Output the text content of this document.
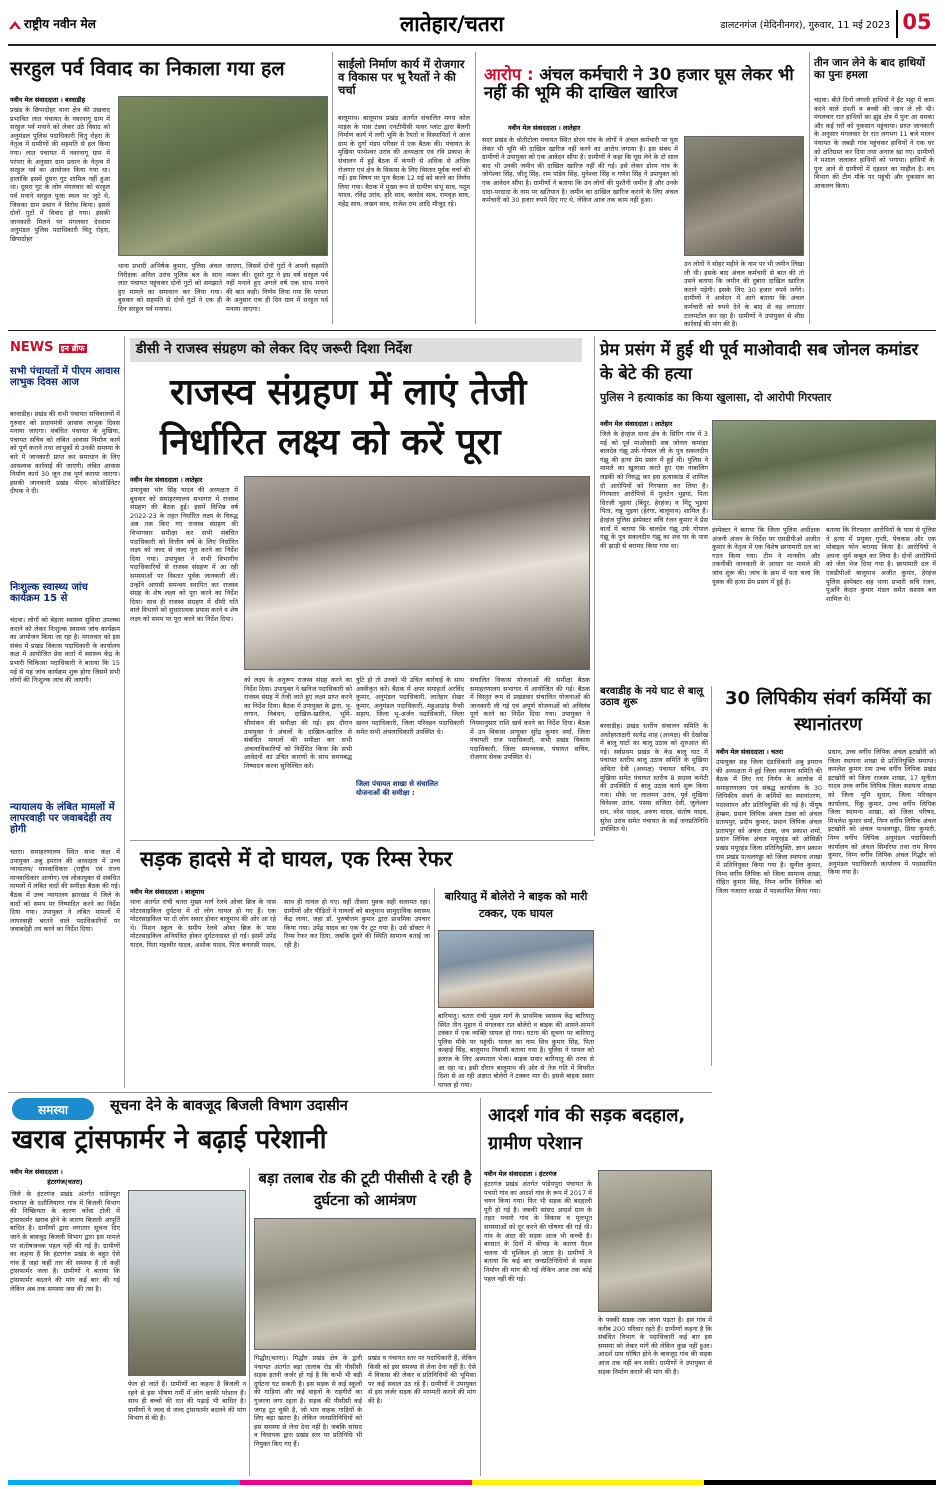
राष्ट्रीय नवीन मेल	लातेहार/चतरा	डालटनगंज (मेदिनीनगर), गुरुवार, 11 मई 2023 05
सरहुल पर्व विवाद का निकाला गया हल
नवीन मेल संवाददाता । बरवाडीह
प्रखंड के छिपादोहर थाना क्षेत्र की उखवाद प्रभावित लात पंचायत के नवरनागू ग्राम में सरहुल पर्व मनाने को लेकर उठे विवाद को अनुमंडल पुलिस पदाधिकारी चितु रोहरा के नेतृत्व में ग्रामीणों की सहमति से हल किया गया। लात पंचायत में नवरनागू ग्राम में परंपरा के अनुसार ग्राम प्रधान के नेतृत्व में सरहुल पर्व का आयोजन किया गया था। हालांकि इसमें दूसरा गुट शामिल नहीं हुआ था। दूसरा गुट के लोग मंगलवार को सरहुल पर्व मनाने सरहुल पूजा स्थल पर जुटे थे, जिसका ग्राम प्रधान ने विरोध किया। इससे दोनों गुटों में विवाद हो गया। इसकी जानकारी मिलने पर मंगलवार देरशाम अनुमंडल पुलिस पदाधिकारी चितु रोहरा, छिपादोहर
थाना प्रभारी अभिषेक कुमार, पुलिस अंचल निरीक्षक अनिल उरांव पुलिस बल के साथ लात पंचायत पहुंचकर दोनों गुटों को समझाते हुए मामले का समाधान कर लिया गया। बुधवार को सहमति से दोनों गुटों ने एक ही दिन सरहुल पर्व मनाया।
जाएगा, जिसमें दोनों गुटों ने अपनी सहमति व्यक्त की। दूसरे गुट ने इस वर्ष सरहुल पर्व नहीं मनाने हुए अगले वर्ष एक साथ मनाने की बात कही। निर्णय लिया गया कि परंपरा के अनुसार एक ही दिन ग्राम में सरहुल पर्व मनाया जाएगा।
साईंलो निर्माण कार्य में रोजगार व विकास पर भू रैयतों ने की चर्चा
बालूमाथ। बालूमाथ प्रखंड अंतर्गत संचालित मगध कोल माइंस के पास टंडवा एनटीपीसी पावर प्लांट द्वारा बैलगी निर्माण कार्य में लगी भूमि के रैयतों व विस्थापितों ने आज ग्राम के दुर्गा मंडप परिसर में एक बैठक की। पंचायत के मुखिया परमेश्वर उरांव की अध्यक्षता एवं रवि प्रकाश के संचालन में हुई बैठक में कंपनी से अधिक से अधिक रोजगार एवं क्षेत्र के विकास के लिए विस्तार पूर्वक चर्चा की गई। इस विषय पर पुनः बैठक 12 मई को करने का निर्णय लिया गया। बैठक में मुख्य रूप से ग्रामीण संभू साव, पदुम यादव, रविंद्र उरांव, हरि साव, बलदेव साव, रामवृक्ष साव, महेंद्र साव, लखन साव, राजेश राम आदि मौजूद रहे।
आरोप : अंचल कर्मचारी ने 30 हजार घूस लेकर भी नहीं की भूमि की दाखिल खारिज
नवीन मेल संवाददाता । लातेहार
सदर प्रखंड के धोतीटोला पंचायत स्थित डोरम गांव के लोगों ने अंचल कर्मचारी पर घूस लेकर भी भूमि की दाखिल खारिज नहीं करने का आरोप लगाया है। इस संबंध में ग्रामीणों ने उपायुक्त को एक आवेदन सौंपा है। ग्रामीणों ने कहा कि घूस लेने के दो साल बाद भी उनकी जमीन की दाखिल खारिज नहीं की गई। इसे लेकर डोरम गांव के जोगेश्वर सिंह, जीतू सिंह, राम पांडेय सिंह, मुनेश्वर सिंह व गणेश सिंह ने उपायुक्त को एक आवेदन सौंपा है। ग्रामीणों ने बताया कि उन लोगों की पुश्तैनी जमीन है और उनके दादा-परदादा के नाम पर खतियान है। जमीन का दाखिल खारिज कराने के लिए अंचल कर्मचारी को 30 हजार रुपये दिए गए थे, लेकिन आज तक काम नहीं हुआ।
उन लोगों ने सोहर महीने के नाम पर भी जमीन लिखा ली थी। इसके बाद अंचल कर्मचारी से बात की तो उसने बताया कि जमीन की दुबारा दाखिल खारिज कराने पड़ेगी। इसके लिए 30 हजार रुपये लगेंगे। ग्रामीणों ने आवेदन में आगे बताया कि अंचल कर्मचारी को रुपये देने के बाद से वह लगातार टालमटोल कर रहा है। ग्रामीणों ने उपायुक्त से शीघ्र कार्रवाई की मांग की है।
तीन जान लेने के बाद हाथियों का पुनः हमला
चंदवा। बीते दिनों जंगली हाथियों ने ईंट भट्ठा में काम करने वाले दंपती व बच्ची की जान ले ली थी। मंगलवार रात हाथियों का झुंड क्षेत्र में पुनः आ धमका और कई घरों को नुकसान पहुंचाया। प्राप्त जानकारी के अनुसार मंगलवार देर रात लगभग 11 बजे मालन पंचायत के जबड़ी गांव पहुंचकर हाथियों ने एक घर को क्षतिग्रस्त कर दिया तथा अनाज खा गए। ग्रामीणों ने मशाल जलाकर हाथियों को भगाया। हाथियों के पुनः आने से ग्रामीणों में दहशत का माहौल है। वन विभाग की टीम मौके पर पहुंची और नुकसान का आकलन किया।
NEWS इन ब्रीफ
सभी पंचायतों में पीएम आवास लाभुक दिवस आज
बरवाडीह। प्रखंड की सभी पंचायत सचिवालयों में गुरुवार को प्रधानमंत्री आवास लाभुक दिवस मनाया जाएगा। संबंधित पंचायत के मुखिया, पंचायत सचिव को लंबित आवास निर्माण कार्य को पूर्ण कराने तथा लाभुकों से उनकी समस्या के बारे में जानकारी प्राप्त कर समाधान के लिए आवश्यक कार्रवाई की जाएगी। लंबित आवास निर्माण कार्य 30 जून तक पूर्ण कराया जाएगा। इसकी जानकारी प्रखंड पीएम कोऑर्डिनेटर दीपक ने दी।
निःशुल्क स्वास्थ्य जांच कार्यक्रम 15 से
चंदवा। लोगों को बेहतर स्वास्थ्य सुविधा उपलब्ध कराने को लेकर निःशुल्क स्वास्थ्य जांच कार्यक्रम का आयोजन किया जा रहा है। मंगलवार को इस संबंध में प्रखंड विकास पदाधिकारी के कार्यालय कक्ष में आयोजित प्रेस वार्ता में स्वास्थ्य केंद्र के प्रभारी चिकित्सा पदाधिकारी ने बताया कि 15 मई से यह जांच कार्यक्रम शुरू होगा जिसमें सभी लोगों की निःशुल्क जांच की जाएगी।
न्यायालय के लंबित मामलों में लापरवाही पर जवाबदेही तय होगी
चतरा। समाहरणालय स्थित सभा कक्ष में उपायुक्त अबु इमरान की अध्यक्षता में उच्च न्यायालय/ मानवाधिकार (राष्ट्रीय एवं राज्य मानवाधिकार आयोग) एवं लोकायुक्त से संबंधित मामलों में लंबित वादों की समीक्षा बैठक की गई। बैठक में उच्च न्यायालय झारखंड में जिले के वादों को समय पर निष्पादित करने का निर्देश दिया गया। उपायुक्त ने लंबित मामलों में लापरवाही बरतने वाले पदाधिकारियों पर जवाबदेही तय करने का निर्देश दिया।
डीसी ने राजस्व संग्रहण को लेकर दिए जरूरी दिशा निर्देश
राजस्व संग्रहण में लाएं तेजी
निर्धारित लक्ष्य को करें पूरा
नवीन मेल संवाददाता । लातेहार
उपायुक्त भोर सिंह यादव की अध्यक्षता में बुधवार को समाहरणालय सभागार में राजस्व संग्रहण की बैठक हुई। इसमें विभिन्न वर्ष 2022-23 के तहत निर्धारित लक्ष्य के विरुद्ध अब तक किए गए राजस्व संग्रहण की विभागवार समीक्षा कर सभी संबंधित पदाधिकारी को वित्तीय वर्ष के लिए निर्धारित लक्ष्य को जल्द से जल्द पूरा करने का निर्देश दिया गया। उपायुक्त ने सभी विभागीय पदाधिकारियों से राजस्व संग्रहण में आ रही समस्याओं पर विस्तार पूर्वक जानकारी ली। उन्होंने आपसी समन्वय स्थापित कर राजस्व संग्रह के शेष लक्ष्य को पूरा करने का निर्देश दिया। साथ ही राजस्व संग्रहण में धीमी गति वाले विभागों को सुधारात्मक प्रयास करने व शेष लक्ष्य को समय पर पूरा करने का निर्देश दिया।
को लक्ष्य के अनुरूप राजस्व संग्रह करने का निर्देश दिया। उपायुक्त ने खनिज पदाधिकारी को राजस्व संग्रह में तेजी लाते हुए लक्ष्य प्राप्त करने का निर्देश दिया। बैठक में उपायुक्त के द्वारा, भू-लगान, निबंधन, दाखिल-खारिज, भूमि-सीमांकन की समीक्षा की गई। इस दौरान उपायुक्त ने अंचलों के दाखिल-खारिज से संबंधित मामलों की समीक्षा कर सभी अंचलाधिकारियों को निर्देशित किया कि सभी आवेदनों का उचित कारणों के साथ समयबद्ध निष्पादन करना सुनिश्चित करें।
त्रुटि हो तो उनको भी उचित कार्रवाई के साथ अस्वीकृत करें। बैठक में अपर समाहर्ता अरविंद कुमार, अनुमंडल पदाधिकारी, लातेहार शेखर कुमार, अनुमंडल पदाधिकारी, महुआडांड़ नैन्सी सहाय, जिला भू-अर्जन पदाधिकारी, जिला खनन पदाधिकारी, जिला परिवहन पदाधिकारी समेत सभी अंचलाधिकारी उपस्थित थे।
जिला पंचायत शाखा से संचालित योजनाओं की समीक्षा :
संचालित विकास योजनाओं की समीक्षा बैठक समाहरणालय सभागार में आयोजित की गई। बैठक में विस्तृत रूप से प्रखंडवार संचालित योजनाओं की जानकारी ली गई एवं अपूर्ण योजनाओं को अविलंब पूर्ण करने का निर्देश दिया गया। उपायुक्त ने नियमानुसार राशि खर्च करने का निर्देश दिया। बैठक में उप विकास आयुक्त सुरेंद्र कुमार वर्मा, जिला पंचायती राज पदाधिकारी, सभी प्रखंड विकास पदाधिकारी, जिला समन्वयक, पंचायत सचिव, रोजगार सेवक उपस्थित थे।
प्रेम प्रसंग में हुई थी पूर्व माओवादी सब जोनल कमांडर के बेटे की हत्या
पुलिस ने हत्याकांड का किया खुलासा, दो आरोपी गिरफ्तार
नवीन मेल संवाददाता । लातेहार
जिले के हेरहंज थाना क्षेत्र के सिरिंग गांव में 3 मई को पूर्व माओवादी सब जोनल कमांडर बालदेव गंझू उर्फ गोपाल जी के पुत्र सकलदीप गंझू की हत्या प्रेम प्रसंग में हुई थी। पुलिस ने मामले का खुलासा करते हुए एक नाबालिग लड़की को निरुद्ध कर इस हत्याकांड में शामिल दो आरोपियों को गिरफ्तार कर लिया है। गिरफ्तार आरोपियों में पुलटेन भुइयां, पिता धिरजी भुइयां (बिंदुर, हेरहंज) व मिंटू भुइयां पिता, गन्नू भुइयां (हेरंगा, बालूमाथ) शामिल हैं। हेरहंज पुलिस इंस्पेक्टर सचि रंजन कुमार ने प्रेस वार्ता में बताया कि बालदेव गंझू उर्फ गोपाल गंझू के पुत्र सकलदीप गंझू का शव घर के पास की झाड़ी से बरामद किया गया था।
इंस्पेक्टर ने बताया कि जिला पुलिस अधीक्षक अंजनी अंजन के निर्देश पर एसडीपीओ अजीत कुमार के नेतृत्व में एक विशेष छापामारी दल का गठन किया गया। टीम ने मानवीय और तकनीकी जानकारी के आधार पर मामले की जांच शुरू की। जांच के क्रम में पता चला कि युवक की हत्या प्रेम प्रसंग में हुई है।
बताया कि गिरफ्तार आरोपियों के पास से पुलिस ने हत्या में प्रयुक्त गुप्ती, पेचकस और एक मोबाइल फोन बरामद किया है। आरोपियों ने अपना जुर्म कबूल कर लिया है। दोनों आरोपियों को जेल भेज दिया गया है। छापामारी दल में एसडीपीओ बालूमाथ अजीत कुमार, हेरहंज पुलिस इंस्पेक्टर सह थाना प्रभारी सचि रंजन, पुअनि केदार कुमार मंडल समेत सशस्त्र बल शामिल थे।
बरवाडीह के नये घाट से बालू उठाव शुरू
बरवाडीह। प्रखंड स्तरीय संचालन समिति के अधोहस्ताक्षरी सत्येंद्र शाह (अध्यक्ष) की देखरेख में बालू घाटों का बालू उठाव को शुरुआत की गई। सर्वप्रथम प्रखंड के केड बालू घाट में पंचायत स्तरीय बालू उठाव समिति के मुखिया अविता देवी (अध्यक्ष) पंचायत सचिव, उप मुखिया समेत पंचायत स्तरीय 8 सदस्य कमेटी की उपस्थिति में बालू उठाव कार्य शुरू किया गया। मौके पर लालमन उरांव, पूर्व मुखिया विनेश्वर उरांव, पंसस संजिता देवी, जुलेश्वर राम, नरेश यादव, अरुण यादव, संतोष यादव, सुरेश उरांव समेत पंचायत के कई जनप्रतिनिधि उपस्थित थे।
30 लिपिकीय संवर्ग कर्मियों का स्थानांतरण
नवीन मेल संवाददाता । चतरा
उपायुक्त सह जिला दंडाधिकारी अबु इमरान की अध्यक्षता में हुई जिला स्थापना समिति की बैठक में लिए गए निर्णय के आलोक में समाहरणालय एवं संबद्ध कार्यालय के 30 लिपिकीय संवर्ग के कर्मियों का स्थानांतरण, पदस्थापन और प्रतिनियुक्ति की गई है। पीयूष हेम्ब्रम, प्रधान लिपिक अंचल टंडवा को अंचल प्रतापपुर, प्रदीप कुमार, प्रधान लिपिक अंचल प्रतापपुर को अंचल टंडवा, जय प्रकाश शर्मा, प्रधान लिपिक अंचल मयूरहंड को ओसिक्री प्रखंड मयूरहंड जिला प्रतिनियुक्ति, ज्ञान प्रकाश राय प्रखंड पत्थलगड्डा को जिला स्थापना शाखा में प्रतिनियुक्त किया गया है। सुनील कुमार, निम्न वर्गीय लिपिक को जिला सामान्य शाखा, रोहित कुमार सिंह, निम्न वर्गीय लिपिक को जिला नजारत शाखा में पदस्थापित किया गया।
प्रधान, उच्च वर्गीय लिपिक अंचल इटखोरी को जिला स्थापना शाखा से प्रतिनियुक्ति समाप्त। कमलेश कुमार राम उच्च वर्गीय लिपिक प्रखंड इटखोरी को जिला राजस्व शाखा, 17 सुनीता यादव उच्च वर्गीय लिपिक जिला स्थापना शाखा को जिला भूमि सुधार, जिला परिवहन कार्यालय, रिंकू कुमार, उच्च वर्गीय लिपिक जिला स्थापना शाखा, को जिला परिषद, मिथलेश कुमार वर्मा, निम्न वर्गीय लिपिक अंचल इटखोरी को अंचल पत्थलगड्डा, प्रिया कुमारी, निम्न वर्गीय लिपिक अनुमंडल पदाधिकारी कार्यालय को अंचल सिमरिया तथा राम विनय कुमार, निम्न वर्गीय लिपिक अंचल गिद्धौर को अनुमंडल पदाधिकारी कार्यालय में पदस्थापित किया गया है।
सड़क हादसे में दो घायल, एक रिम्स रेफर
नवीन मेल संवाददाता । बालूमाथ
थाना अंतर्गत रांची चतरा मुख्य मार्ग रेलवे ओवर ब्रिज के पास मोटरसाइकिल दुर्घटना में दो लोग घायल हो गए हैं। एक मोटरसाइकिल पर दो लोग सवार होकर बालूमाथ की ओर आ रहे थे। मिशन स्कूल के समीप रेलवे ओवर ब्रिज के पास मोटरसाइकिल अनियंत्रित होकर दुर्घटनाग्रस्त हो गई। इसमें उपेंद्र यादव, पिता महावीर यादव, अशोक यादव, पिता बनारसी यादव, साथ ही घायल हो गए। वहीं तीसरा युवक सही सलामत रहा। ग्रामीणों और पीड़ितों ने घायलों को बालूमाथ सामुदायिक स्वास्थ्य केंद्र लाया, जहां डॉ. पुरुषोत्तम कुमार द्वारा प्राथमिक उपचार किया गया। उपेंद्र यादव का एक पैर टूट गया है। उसे डॉक्टर ने रिम्स रेफर कर दिया, जबकि दूसरे की स्थिति सामान्य बताई जा रही है।
बारियातु में बोलेरो ने बाइक को मारी टक्कर, एक घायल
बारियातु। चतरा रांची मुख्य मार्ग के प्राथमिक स्वास्थ्य केंद्र बारियातु स्थित तीन मुहान में मंगलवार रात बोलेरो व बाइक की आमने-सामने टक्कर में एक व्यक्ति घायल हो गया। घटना की सूचना पर बारियातु पुलिस मौके पर पहुंची। घायल का नाम शिव कुमार सिंह, पिता कन्हाई सिंह, बालूमाथ निवासी बताया गया है। पुलिस ने घायल को इलाज के लिए अस्पताल भेजा। बाइक सवार बारियातु की तरफ से आ रहा था। इसी दौरान बालूमाथ की ओर से तेज गति में विपरीत दिशा से आ रही अज्ञात बोलेरो ने टक्कर मार दी। इससे बाइक सवार घायल हो गया।
समस्या	सूचना देने के बावजूद बिजली विभाग उदासीन
खराब ट्रांसफार्मर ने बढ़ाई परेशानी
नवीन मेल संवाददाता ।
हंटरगंज(चतरा)
जिले के हंटरगंज प्रखंड अंतर्गत पांडेयपुरा पंचायत के दशौलियागर गांव में बिजली विभाग की निष्क्रियता के कारण कोंवा टोली में ट्रांसफार्मर खराब होने के कारण बिजली आपूर्ति बाधित है। ग्रामीणों द्वारा लगातार सूचना दिए जाने के बावजूद बिजली विभाग द्वारा इस मामले पर संतोषजनक पहल नहीं की गई है। ग्रामीणों का कहना है कि हंटरगंज प्रखंड के बहुत ऐसे गांव हैं जहां कहीं तार की समस्या है तो कहीं ट्रांसफार्मर जला है। ग्रामीणों ने बताया कि ट्रांसफार्मर बदलने की मांग कई बार की गई लेकिन अब तक समस्या जस की तस है।
फेल हो जाते हैं। ग्रामीणों का कहना है बिजली न रहने से इस भीषण गर्मी में लोग काफी परेशान हैं। साथ ही बच्चों की रात की पढ़ाई भी बाधित है। ग्रामीणों ने जल्द से जल्द ट्रांसफार्मर बदलने की मांग विभाग से की है।
बड़ा तलाब रोड की टूटी पीसीसी दे रही है दुर्घटना को आमंत्रण
गिद्धौर(चतरा)। गिद्धौर प्रखंड क्षेत्र के द्वारी पंचायत अंतर्गत बड़ा तालाब रोड की पीसीसी सड़क इतनी जर्जर हो गई है कि कभी भी बड़ी दुर्घटना घट सकती है। इस सड़क से कई स्कूलों की गाड़ियां और कई वाहनों के राहगीरों का गुजरना लगा रहता है। सड़क की पीसीसी कई जगह टूट चुकी है, जो भार वाहक गाड़ियों के लिए बड़ा खतरा है। लेकिन जनप्रतिनिधियों को इस समस्या से लेना देना नहीं है। जबकि सांसद व विधायक द्वारा प्रखंड स्तर पर प्रतिनिधि भी नियुक्त किए गए हैं।
प्रखंड व पंचायत स्तर पर पदाधिकारी हैं, लेकिन किसी को इस समस्या से लेना देना नहीं है। ऐसे में विकास की लेकर व प्रतिनिधियों की भूमिका पर कई सवाल उठ रहे हैं। ग्रामीणों ने उपायुक्त से इस जर्जर सड़क की मरम्मती कराने की मांग की है।
आदर्श गांव की सड़क बदहाल, ग्रामीण परेशान
नवीन मेल संवाददाता । हंटरगंज
हंटरगंज प्रखंड अंतर्गत पांडेयपुरा पंचायत के पचमो गांव का आदर्श गांव के रूप में 2017 में चयन किया गया। फिर भी सड़क की बदहाली पूरी हो गई है। जबकी सांसद आदर्श ग्राम के तहत पचमो गांव के विकास व मूलभूत समस्याओं को दूर करने की घोषणा की गई थी। गांव के अंदर की सड़क आज भी कच्ची है। बरसात के दिनों में कीचड़ के कारण पैदल चलना भी मुश्किल हो जाता है। ग्रामीणों ने बताया कि कई बार जनप्रतिनिधियों से सड़क निर्माण की मांग की गई लेकिन आज तक कोई पहल नहीं की गई।
के पक्की सड़क तक जाना पड़ता है। इस गांव में करीब 200 परिवार रहते हैं। ग्रामीणों कहना है कि संबंधित विभाग के पदाधिकारी कई बार इस समस्या को लेकर मांगें की लेकिन कुछ नहीं हुआ। आदर्श ग्राम घोषित होने के बावजूद गांव की सड़क आज तक नहीं बन सकी। ग्रामीणों ने उपायुक्त से सड़क निर्माण कराने की मांग की है।
